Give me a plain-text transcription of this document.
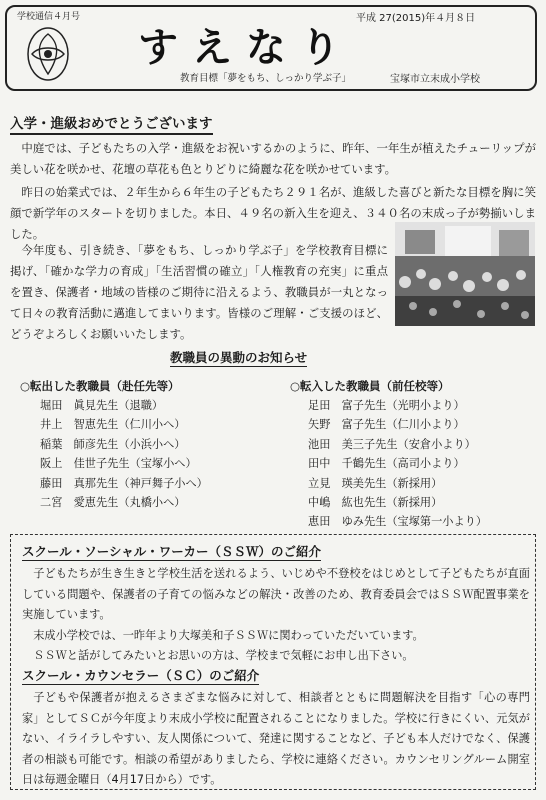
学校通信４月号	平成 27(2015)年４月８日
すえなり
教育目標「夢をもち、しっかり学ぶ子」	宝塚市立末成小学校
入学・進級おめでとうございます
中庭では、子どもたちの入学・進級をお祝いするかのように、昨年、一年生が植えたチューリップが美しい花を咲かせ、花壇の草花も色とりどりに綺麗な花を咲かせています。
昨日の始業式では、２年生から６年生の子どもたち２９１名が、進級した喜びと新たな目標を胸に笑顔で新学年のスタートを切りました。本日、４９名の新入生を迎え、３４０名の末成っ子が勢揃いしました。
今年度も、引き続き、「夢をもち、しっかり学ぶ子」を学校教育目標に掲げ、「確かな学力の育成」「生活習慣の確立」「人権教育の充実」に重点を置き、保護者・地域の皆様のご期待に沿えるよう、教職員が一丸となって日々の教育活動に邁進してまいります。皆様のご理解・ご支援のほど、どうぞよろしくお願いいたします。
教職員の異動のお知らせ
○転出した教職員（赴任先等）
堀田　眞見先生（退職）
井上　智恵先生（仁川小へ）
稲葉　師彦先生（小浜小へ）
阪上　佳世子先生（宝塚小へ）
藤田　真那先生（神戸舞子小へ）
二宮　愛恵先生（丸橋小へ）
○転入した教職員（前任校等）
足田　富子先生（光明小より）
矢野　富子先生（仁川小より）
池田　美三子先生（安倉小より）
田中　千鶴先生（高司小より）
立見　瑛美先生（新採用）
中嶋　紘也先生（新採用）
恵田　ゆみ先生（宝塚第一小より）
スクール・ソーシャル・ワーカー（ＳＳＷ）のご紹介
子どもたちが生き生きと学校生活を送れるよう、いじめや不登校をはじめとして子どもたちが直面している問題や、保護者の子育ての悩みなどの解決・改善のため、教育委員会ではＳＳＷ配置事業を実施しています。
末成小学校では、一昨年より大塚美和子ＳＳＷに関わっていただいています。
ＳＳＷと話がしてみたいとお思いの方は、学校まで気軽にお申し出下さい。
スクール・カウンセラー（ＳＣ）のご紹介
子どもや保護者が抱えるさまざまな悩みに対して、相談者とともに問題解決を目指す「心の専門家」としてＳＣが今年度より末成小学校に配置されることになりました。学校に行きにくい、元気がない、イライラしやすい、友人関係について、発達に関することなど、子ども本人だけでなく、保護者の相談も可能です。相談の希望がありましたら、学校に連絡ください。カウンセリングルーム開室日は毎週金曜日（4月17日から）です。
